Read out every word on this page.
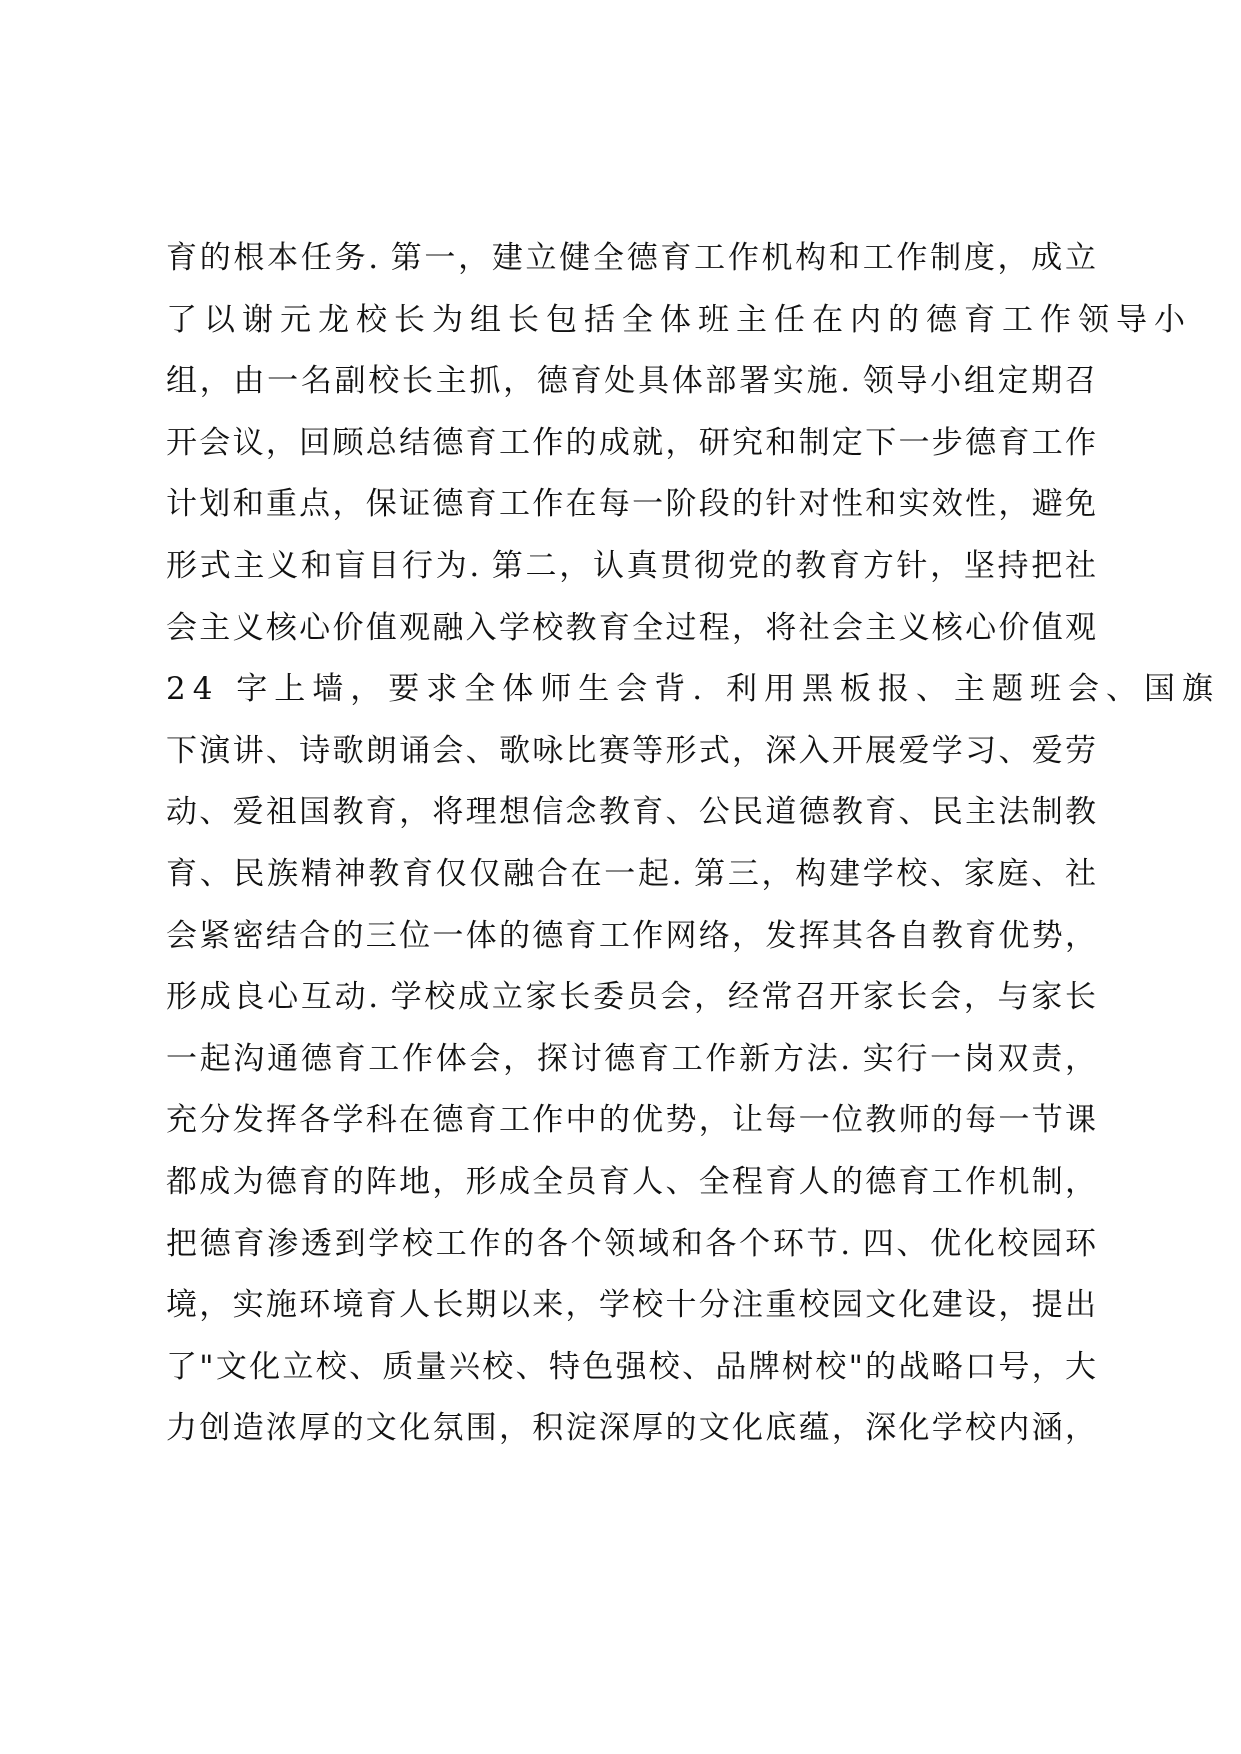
育的根本任务. 第一，建立健全德育工作机构和工作制度，成立
了以谢元龙校长为组长包括全体班主任在内的德育工作领导小
组，由一名副校长主抓，德育处具体部署实施. 领导小组定期召
开会议，回顾总结德育工作的成就，研究和制定下一步德育工作
计划和重点，保证德育工作在每一阶段的针对性和实效性，避免
形式主义和盲目行为. 第二，认真贯彻党的教育方针，坚持把社
会主义核心价值观融入学校教育全过程，将社会主义核心价值观
24 字上墙，要求全体师生会背. 利用黑板报、主题班会、国旗
下演讲、诗歌朗诵会、歌咏比赛等形式，深入开展爱学习、爱劳
动、爱祖国教育，将理想信念教育、公民道德教育、民主法制教
育、民族精神教育仅仅融合在一起. 第三，构建学校、家庭、社
会紧密结合的三位一体的德育工作网络，发挥其各自教育优势，
形成良心互动. 学校成立家长委员会，经常召开家长会，与家长
一起沟通德育工作体会，探讨德育工作新方法. 实行一岗双责，
充分发挥各学科在德育工作中的优势，让每一位教师的每一节课
都成为德育的阵地，形成全员育人、全程育人的德育工作机制，
把德育渗透到学校工作的各个领域和各个环节. 四、优化校园环
境，实施环境育人长期以来，学校十分注重校园文化建设，提出
了"文化立校、质量兴校、特色强校、品牌树校"的战略口号，大
力创造浓厚的文化氛围，积淀深厚的文化底蕴，深化学校内涵，
